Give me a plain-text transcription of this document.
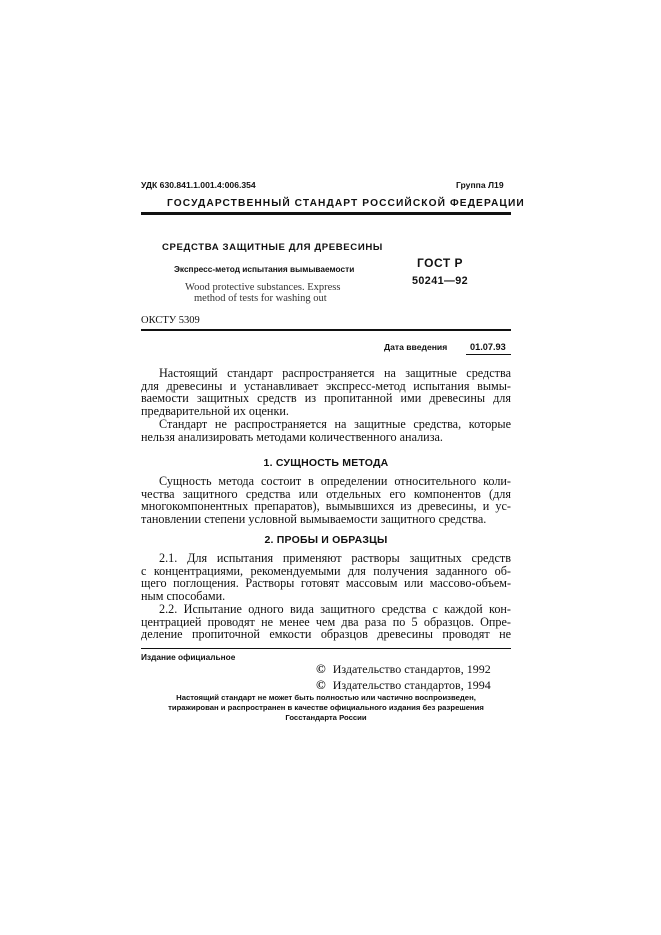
УДК 630.841.1.001.4:006.354	Группа Л19
ГОСУДАРСТВЕННЫЙ СТАНДАРТ РОССИЙСКОЙ ФЕДЕРАЦИИ
СРЕДСТВА ЗАЩИТНЫЕ ДЛЯ ДРЕВЕСИНЫ
Экспресс-метод испытания вымываемости
Wood protective substances. Express
method of tests for washing out
ГОСТ Р
50241—92
ОКСТУ 5309
Дата введения 01.07.93
Настоящий стандарт распространяется на защитные средства
для древесины и устанавливает экспресс-метод испытания вымы-
ваемости защитных средств из пропитанной ими древесины для
предварительной их оценки.
Стандарт не распространяется на защитные средства, которые
нельзя анализировать методами количественного анализа.
1. СУЩНОСТЬ МЕТОДА
Сущность метода состоит в определении относительного коли-
чества защитного средства или отдельных его компонентов (для
многокомпонентных препаратов), вымывшихся из древесины, и ус-
тановлении степени условной вымываемости защитного средства.
2. ПРОБЫ И ОБРАЗЦЫ
2.1. Для испытания применяют растворы защитных средств
с концентрациями, рекомендуемыми для получения заданного об-
щего поглощения. Растворы готовят массовым или массово-объем-
ным способами.
2.2. Испытание одного вида защитного средства с каждой кон-
центрацией проводят не менее чем два раза по 5 образцов. Опре-
деление пропиточной емкости образцов древесины проводят не
Издание официальное
© Издательство стандартов, 1992
© Издательство стандартов, 1994
Настоящий стандарт не может быть полностью или частично воспроизведен,
тиражирован и распространен в качестве официального издания без разрешения
Госстандарта России
